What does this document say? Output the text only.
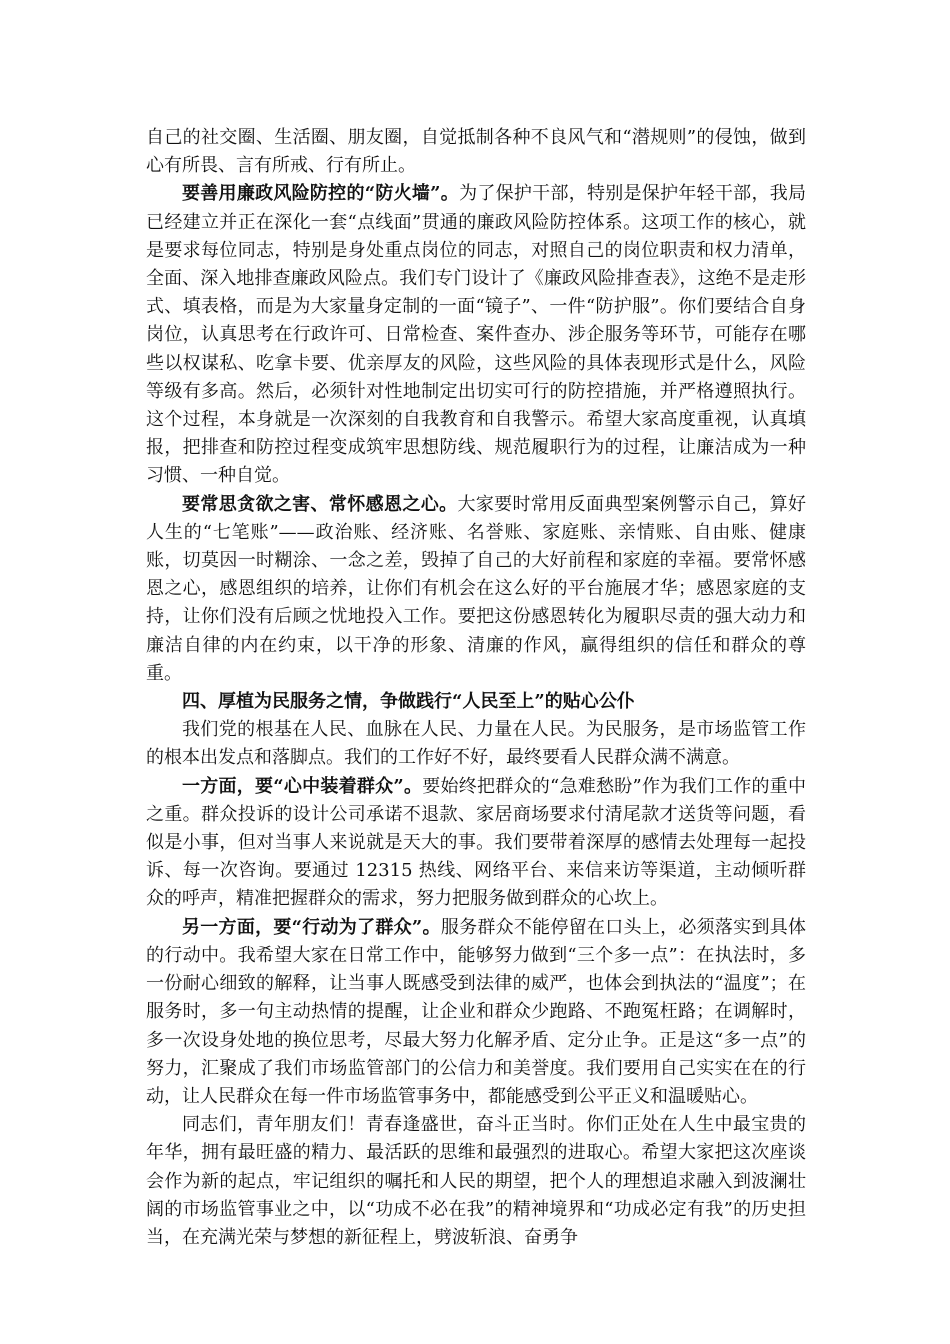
自己的社交圈、生活圈、朋友圈，自觉抵制各种不良风气和“潜规则”的侵蚀，做到心有所畏、言有所戒、行有所止。

要善用廉政风险防控的“防火墙”。为了保护干部，特别是保护年轻干部，我局已经建立并正在深化一套“点线面”贯通的廉政风险防控体系。这项工作的核心，就是要求每位同志，特别是身处重点岗位的同志，对照自己的岗位职责和权力清单，全面、深入地排查廉政风险点。我们专门设计了《廉政风险排查表》，这绝不是走形式、填表格，而是为大家量身定制的一面“镜子”、一件“防护服”。你们要结合自身岗位，认真思考在行政许可、日常检查、案件查办、涉企服务等环节，可能存在哪些以权谋私、吃拿卡要、优亲厚友的风险，这些风险的具体表现形式是什么，风险等级有多高。然后，必须针对性地制定出切实可行的防控措施，并严格遵照执行。这个过程，本身就是一次深刻的自我教育和自我警示。希望大家高度重视，认真填报，把排查和防控过程变成筑牢思想防线、规范履职行为的过程，让廉洁成为一种习惯、一种自觉。

要常思贪欲之害、常怀感恩之心。大家要时常用反面典型案例警示自己，算好人生的“七笔账”——政治账、经济账、名誉账、家庭账、亲情账、自由账、健康账，切莫因一时糊涂、一念之差，毁掉了自己的大好前程和家庭的幸福。要常怀感恩之心，感恩组织的培养，让你们有机会在这么好的平台施展才华；感恩家庭的支持，让你们没有后顾之忧地投入工作。要把这份感恩转化为履职尽责的强大动力和廉洁自律的内在约束，以干净的形象、清廉的作风，赢得组织的信任和群众的尊重。

四、厚植为民服务之情，争做践行“人民至上”的贴心公仆

我们党的根基在人民、血脉在人民、力量在人民。为民服务，是市场监管工作的根本出发点和落脚点。我们的工作好不好，最终要看人民群众满不满意。

一方面，要“心中装着群众”。要始终把群众的“急难愁盼”作为我们工作的重中之重。群众投诉的设计公司承诺不退款、家居商场要求付清尾款才送货等问题，看似是小事，但对当事人来说就是天大的事。我们要带着深厚的感情去处理每一起投诉、每一次咨询。要通过 12315 热线、网络平台、来信来访等渠道，主动倾听群众的呼声，精准把握群众的需求，努力把服务做到群众的心坎上。

另一方面，要“行动为了群众”。服务群众不能停留在口头上，必须落实到具体的行动中。我希望大家在日常工作中，能够努力做到“三个多一点”：在执法时，多一份耐心细致的解释，让当事人既感受到法律的威严，也体会到执法的“温度”；在服务时，多一句主动热情的提醒，让企业和群众少跑路、不跑冤枉路；在调解时，多一次设身处地的换位思考，尽最大努力化解矛盾、定分止争。正是这“多一点”的努力，汇聚成了我们市场监管部门的公信力和美誉度。我们要用自己实实在在的行动，让人民群众在每一件市场监管事务中，都能感受到公平正义和温暖贴心。

同志们，青年朋友们！青春逢盛世，奋斗正当时。你们正处在人生中最宝贵的年华，拥有最旺盛的精力、最活跃的思维和最强烈的进取心。希望大家把这次座谈会作为新的起点，牢记组织的嘱托和人民的期望，把个人的理想追求融入到波澜壮阔的市场监管事业之中，以“功成不必在我”的精神境界和“功成必定有我”的历史担当，在充满光荣与梦想的新征程上，劈波斩浪、奋勇争
